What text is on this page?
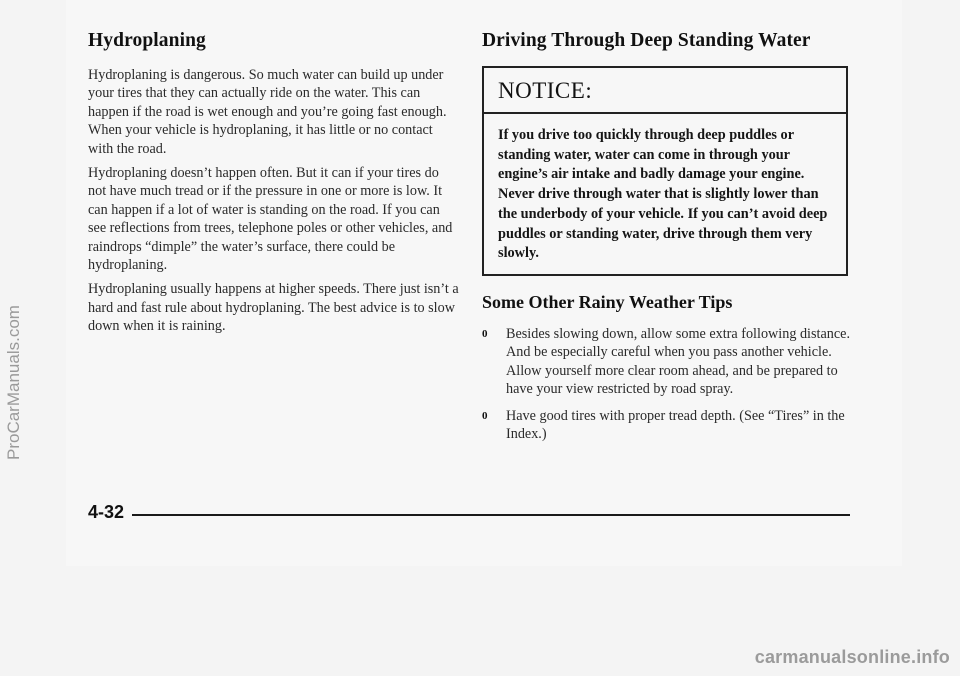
Hydroplaning

Hydroplaning is dangerous. So much water can build up under your tires that they can actually ride on the water. This can happen if the road is wet enough and you’re going fast enough. When your vehicle is hydroplaning, it has little or no contact with the road.

Hydroplaning doesn’t happen often. But it can if your tires do not have much tread or if the pressure in one or more is low. It can happen if a lot of water is standing on the road. If you can see reflections from trees, telephone poles or other vehicles, and raindrops “dimple” the water’s surface, there could be hydroplaning.

Hydroplaning usually happens at higher speeds. There just isn’t a hard and fast rule about hydroplaning. The best advice is to slow down when it is raining.

Driving Through Deep Standing Water
NOTICE:
If you drive too quickly through deep puddles or standing water, water can come in through your engine’s air intake and badly damage your engine. Never drive through water that is slightly lower than the underbody of your vehicle. If you can’t avoid deep puddles or standing water, drive through them very slowly.
Some Other Rainy Weather Tips
0 Besides slowing down, allow some extra following distance. And be especially careful when you pass another vehicle. Allow yourself more clear room ahead, and be prepared to have your view restricted by road spray.
0 Have good tires with proper tread depth. (See “Tires” in the Index.)
4-32
ProCarManuals.com
carmanualsonline.info
